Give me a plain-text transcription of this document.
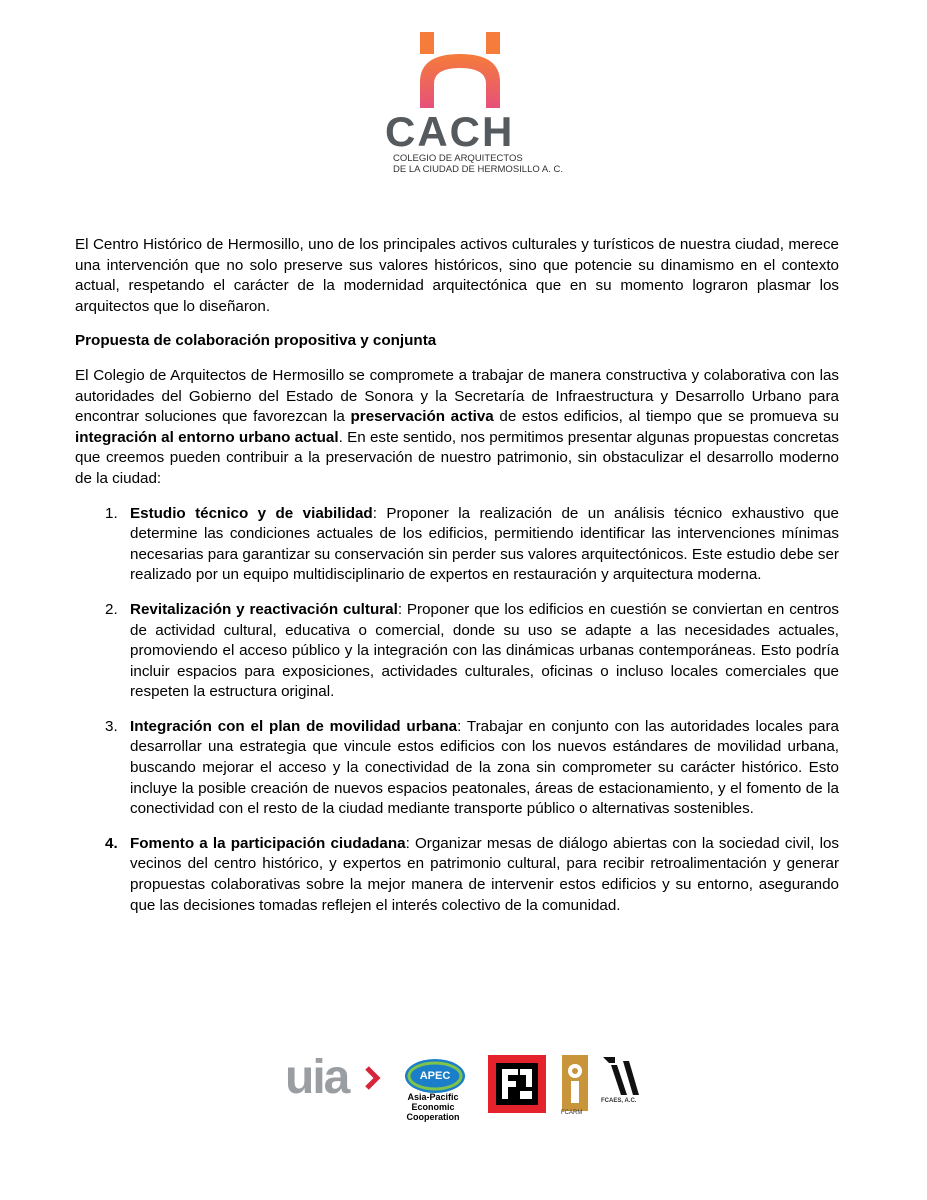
CACH
COLEGIO DE ARQUITECTOS
DE LA CIUDAD DE HERMOSILLO A. C.

El Centro Histórico de Hermosillo, uno de los principales activos culturales y turísticos de nuestra ciudad, merece una intervención que no solo preserve sus valores históricos, sino que potencie su dinamismo en el contexto actual, respetando el carácter de la modernidad arquitectónica que en su momento lograron plasmar los arquitectos que lo diseñaron.

Propuesta de colaboración propositiva y conjunta

El Colegio de Arquitectos de Hermosillo se compromete a trabajar de manera constructiva y colaborativa con las autoridades del Gobierno del Estado de Sonora y la Secretaría de Infraestructura y Desarrollo Urbano para encontrar soluciones que favorezcan la preservación activa de estos edificios, al tiempo que se promueva su integración al entorno urbano actual. En este sentido, nos permitimos presentar algunas propuestas concretas que creemos pueden contribuir a la preservación de nuestro patrimonio, sin obstaculizar el desarrollo moderno de la ciudad:

1. Estudio técnico y de viabilidad: Proponer la realización de un análisis técnico exhaustivo que determine las condiciones actuales de los edificios, permitiendo identificar las intervenciones mínimas necesarias para garantizar su conservación sin perder sus valores arquitectónicos. Este estudio debe ser realizado por un equipo multidisciplinario de expertos en restauración y arquitectura moderna.
2. Revitalización y reactivación cultural: Proponer que los edificios en cuestión se conviertan en centros de actividad cultural, educativa o comercial, donde su uso se adapte a las necesidades actuales, promoviendo el acceso público y la integración con las dinámicas urbanas contemporáneas. Esto podría incluir espacios para exposiciones, actividades culturales, oficinas o incluso locales comerciales que respeten la estructura original.
3. Integración con el plan de movilidad urbana: Trabajar en conjunto con las autoridades locales para desarrollar una estrategia que vincule estos edificios con los nuevos estándares de movilidad urbana, buscando mejorar el acceso y la conectividad de la zona sin comprometer su carácter histórico. Esto incluye la posible creación de nuevos espacios peatonales, áreas de estacionamiento, y el fomento de la conectividad con el resto de la ciudad mediante transporte público o alternativas sostenibles.
4. Fomento a la participación ciudadana: Organizar mesas de diálogo abiertas con la sociedad civil, los vecinos del centro histórico, y expertos en patrimonio cultural, para recibir retroalimentación y generar propuestas colaborativas sobre la mejor manera de intervenir estos edificios y su entorno, asegurando que las decisiones tomadas reflejen el interés colectivo de la comunidad.
uia	APEC
Asia-Pacific
Economic Cooperation	FCARM
FCAES, A.C.
